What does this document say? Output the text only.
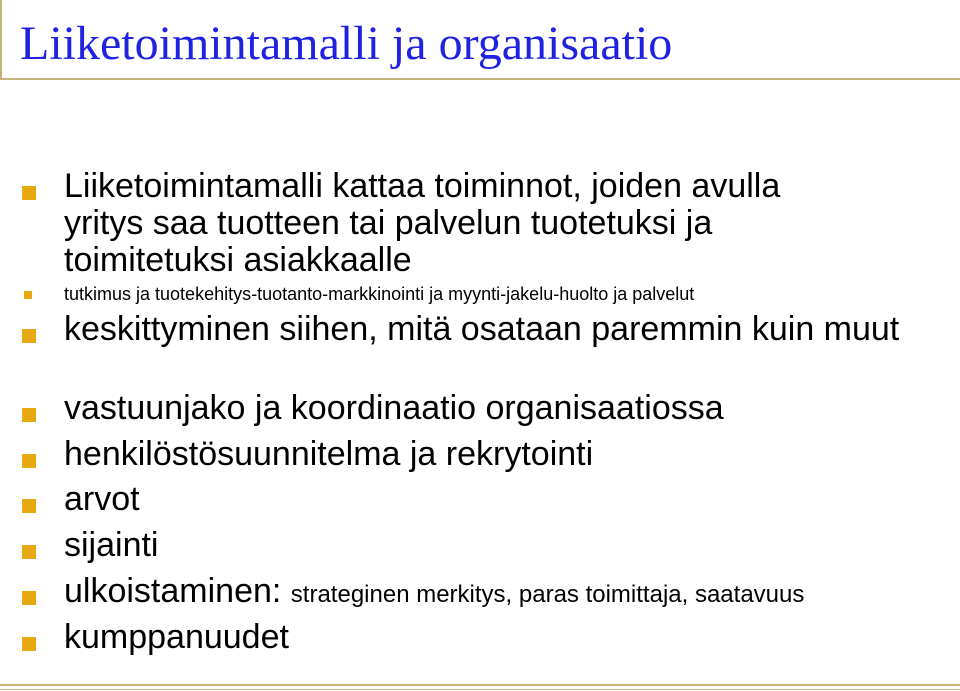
Liiketoimintamalli ja organisaatio
Liiketoimintamalli kattaa toiminnot, joiden avulla yritys saa tuotteen tai palvelun tuotetuksi ja toimitetuksi asiakkaalle
tutkimus ja tuotekehitys-tuotanto-markkinointi ja myynti-jakelu-huolto ja palvelut
keskittyminen siihen, mitä osataan paremmin kuin muut
vastuunjako ja koordinaatio organisaatiossa
henkilöstösuunnitelma ja rekrytointi
arvot
sijainti
ulkoistaminen: strateginen merkitys, paras toimittaja, saatavuus
kumppanuudet
